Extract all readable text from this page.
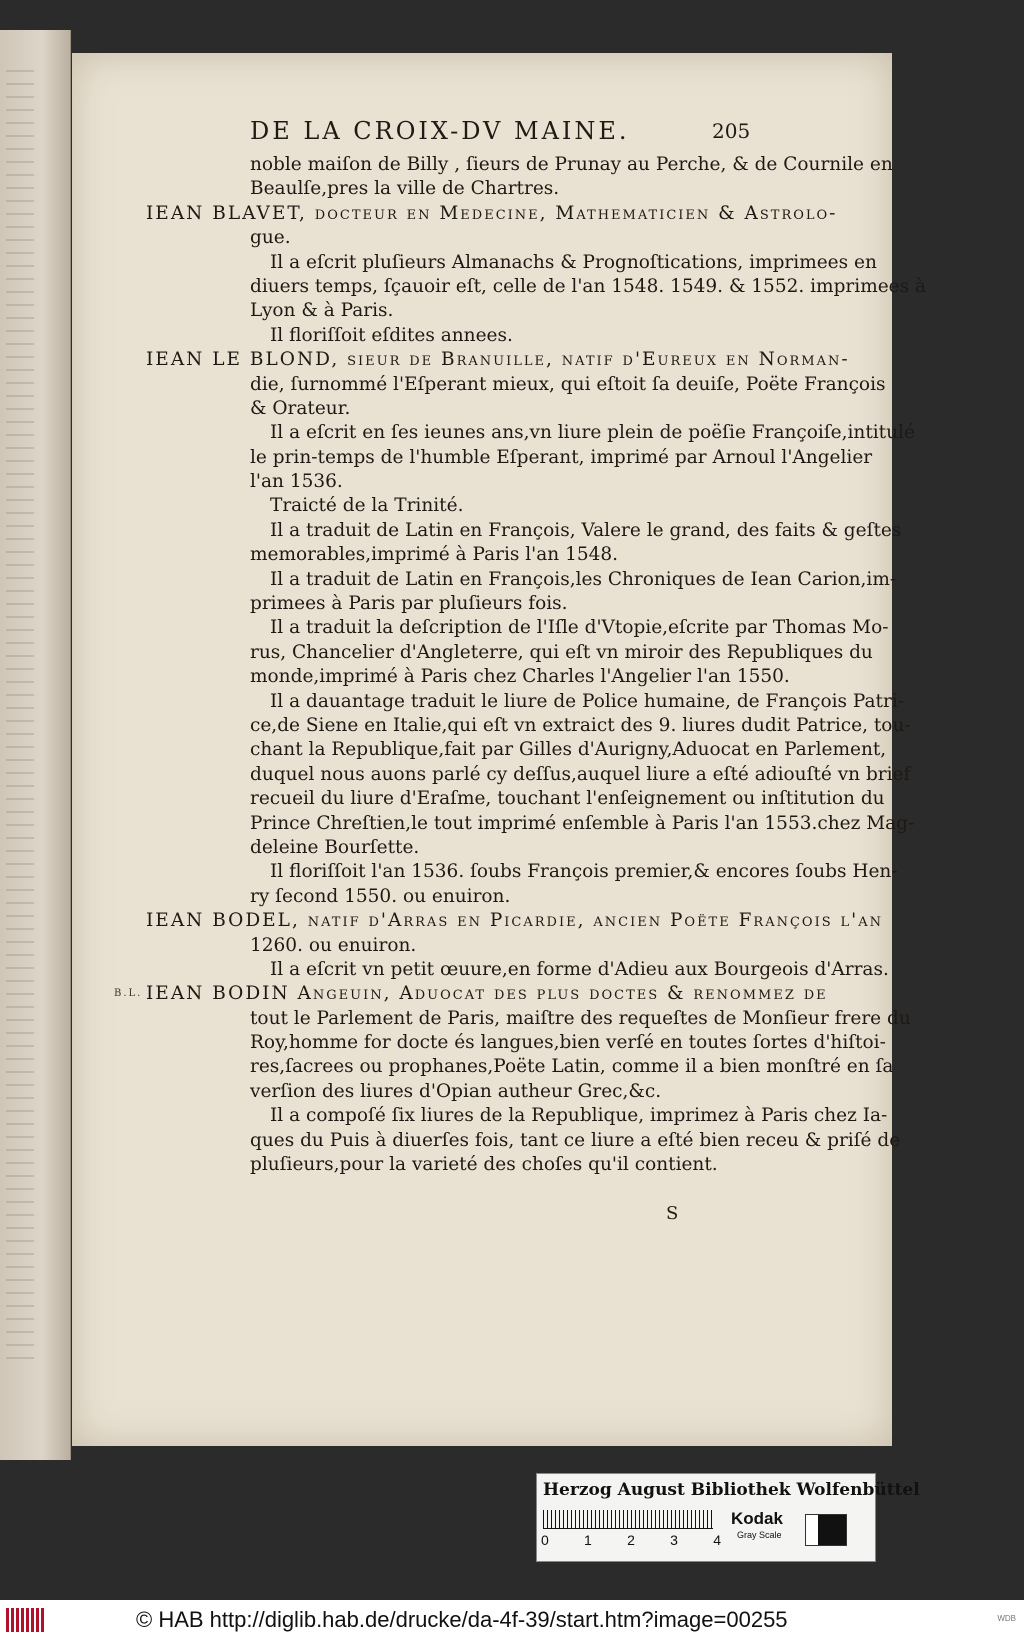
DE LA CROIX-DV MAINE.	205
noble maiſon de Billy , ſieurs de Prunay au Perche, & de Cournile en
Beaulſe,pres la ville de Chartres.
IEAN BLAVET, docteur en Medecine, Mathematicien & Aſtrolo-
gue.
Il a eſcrit pluſieurs Almanachs & Prognoſtications, imprimees en
diuers temps, ſçauoir eſt, celle de l'an 1548. 1549. & 1552. imprimees à
Lyon & à Paris.
Il floriſſoit eſdites annees.
IEAN LE BLOND, ſieur de Branuille, natif d'Eureux en Norman-
die, ſurnommé l'Eſperant mieux, qui eſtoit ſa deuiſe, Poëte François
& Orateur.
Il a eſcrit en ſes ieunes ans,vn liure plein de poëſie Françoiſe,intitulé
le prin-temps de l'humble Eſperant, imprimé par Arnoul l'Angelier
l'an 1536.
Traicté de la Trinité.
Il a traduit de Latin en François, Valere le grand, des faits & geſtes
memorables,imprimé à Paris l'an 1548.
Il a traduit de Latin en François,les Chroniques de Iean Carion,im-
primees à Paris par pluſieurs fois.
Il a traduit la deſcription de l'Iſle d'Vtopie,eſcrite par Thomas Mo-
rus, Chancelier d'Angleterre, qui eſt vn miroir des Republiques du
monde,imprimé à Paris chez Charles l'Angelier l'an 1550.
Il a dauantage traduit le liure de Police humaine, de François Patri-
ce,de Siene en Italie,qui eſt vn extraict des 9. liures dudit Patrice, tou-
chant la Republique,fait par Gilles d'Aurigny,Aduocat en Parlement,
duquel nous auons parlé cy deſſus,auquel liure a eſté adiouſté vn brief
recueil du liure d'Eraſme, touchant l'enſeignement ou inſtitution du
Prince Chreſtien,le tout imprimé enſemble à Paris l'an 1553.chez Mag-
deleine Bourſette.
Il floriſſoit l'an 1536. ſoubs François premier,& encores ſoubs Hen-
ry ſecond 1550. ou enuiron.
IEAN BODEL, natif d'Arras en Picardie, ancien Poëte François l'an
1260. ou enuiron.
Il a eſcrit vn petit œuure,en forme d'Adieu aux Bourgeois d'Arras.
IEAN BODIN Angeuin, Aduocat des plus doctes & renommez de
B.L.
tout le Parlement de Paris, maiſtre des requeſtes de Monſieur frere du
Roy,homme for docte és langues,bien verſé en toutes ſortes d'hiſtoi-
res,ſacrees ou prophanes,Poëte Latin, comme il a bien monſtré en ſa
verſion des liures d'Opian autheur Grec,&c.
Il a compoſé ſix liures de la Republique, imprimez à Paris chez Ia-
ques du Puis à diuerſes fois, tant ce liure a eſté bien receu & priſé de
pluſieurs,pour la varieté des choſes qu'il contient.
S
Herzog August Bibliothek Wolfenbüttel
0	1	2	3	4
Kodak
Gray Scale
© HAB http://diglib.hab.de/drucke/da-4f-39/start.htm?image=00255	WDB
